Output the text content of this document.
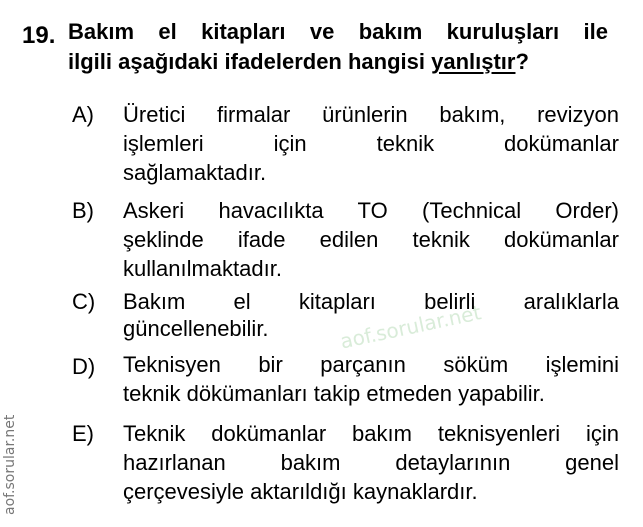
19. Bakım el kitapları ve bakım kuruluşları ile
ilgili aşağıdaki ifadelerden hangisi yanlıştır?
aof.sorular.net
A) Üretici firmalar ürünlerin bakım, revizyon
işlemleri için teknik dokümanlar
sağlamaktadır.
B) Askeri havacılıkta TO (Technical Order)
şeklinde ifade edilen teknik dokümanlar
kullanılmaktadır.
C) Bakım el kitapları belirli aralıklarla
güncellenebilir.
D) Teknisyen bir parçanın söküm işlemini
teknik dökümanları takip etmeden yapabilir.
E) Teknik dokümanlar bakım teknisyenleri için
hazırlanan bakım detaylarının genel
çerçevesiyle aktarıldığı kaynaklardır.
aof.sorular.net
